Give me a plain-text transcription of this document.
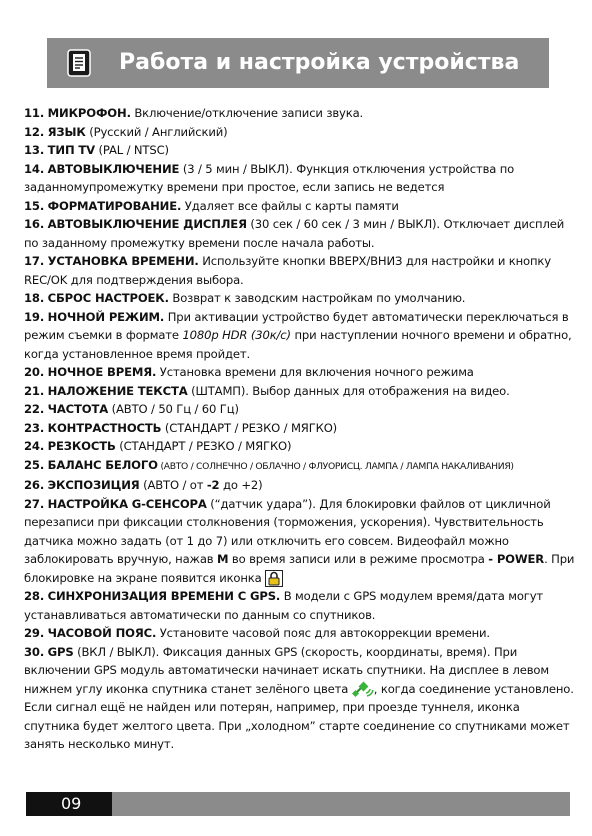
Работа и настройка устройства

11. МИКРОФОН. Включение/отключение записи звука.

12. ЯЗЫК (Русский / Английский)

13. ТИП TV (PAL / NTSC)

14. АВТОВЫКЛЮЧЕНИЕ (3 / 5 мин / ВЫКЛ). Функция отключения устройства по заданномупромежутку времени при простое, если запись не ведется

15. ФОРМАТИРОВАНИЕ. Удаляет все файлы с карты памяти

16. АВТОВЫКЛЮЧЕНИЕ ДИСПЛЕЯ (30 сек / 60 сек / 3 мин / ВЫКЛ). Отключает дисплей по заданному промежутку времени после начала работы.

17. УСТАНОВКА ВРЕМЕНИ. Используйте кнопки ВВЕРХ/ВНИЗ для настройки и кнопку REC/OK для подтверждения выбора.

18. СБРОС НАСТРОЕК. Возврат к заводским настройкам по умолчанию.

19. НОЧНОЙ РЕЖИМ. При активации устройство будет автоматически переключаться в режим съемки в формате 1080p HDR (30к/с) при наступлении ночного времени и обратно, когда установленное время пройдет.

20. НОЧНОЕ ВРЕМЯ. Установка времени для включения ночного режима

21. НАЛОЖЕНИЕ ТЕКСТА (ШТАМП). Выбор данных для отображения на видео.

22. ЧАСТОТА (АВТО / 50 Гц / 60 Гц)

23. КОНТРАСТНОСТЬ (СТАНДАРТ / РЕЗКО / МЯГКО)

24. РЕЗКОСТЬ (СТАНДАРТ / РЕЗКО / МЯГКО)

25. БАЛАНС БЕЛОГО (АВТО / СОЛНЕЧНО / ОБЛАЧНО / ФЛУОРИСЦ. ЛАМПА / ЛАМПА НАКАЛИВАНИЯ)

26. ЭКСПОЗИЦИЯ (АВТО / от -2 до +2)

27. НАСТРОЙКА G-СЕНСОРА (“датчик удара”). Для блокировки файлов от цикличной перезаписи при фиксации столкновения (торможения, ускорения). Чувствительность датчика можно задать (от 1 до 7) или отключить его совсем. Видеофайл можно заблокировать вручную, нажав M во время записи или в режиме просмотра - POWER. При блокировке на экране появится иконка

28. СИНХРОНИЗАЦИЯ ВРЕМЕНИ С GPS. В модели с GPS модулем время/дата могут устанавливаться автоматически по данным со спутников.

29. ЧАСОВОЙ ПОЯС. Установите часовой пояс для автокоррекции времени.

30. GPS (ВКЛ / ВЫКЛ). Фиксация данных GPS (скорость, координаты, время). При включении GPS модуль автоматически начинает искать спутники. На дисплее в левом нижнем углу иконка спутника станет зелёного цвета , когда соединение установлено. Если сигнал ещё не найден или потерян, например, при проезде туннеля, иконка спутника будет желтого цвета. При „холодном” старте соединение со спутниками может занять несколько минут.

09
